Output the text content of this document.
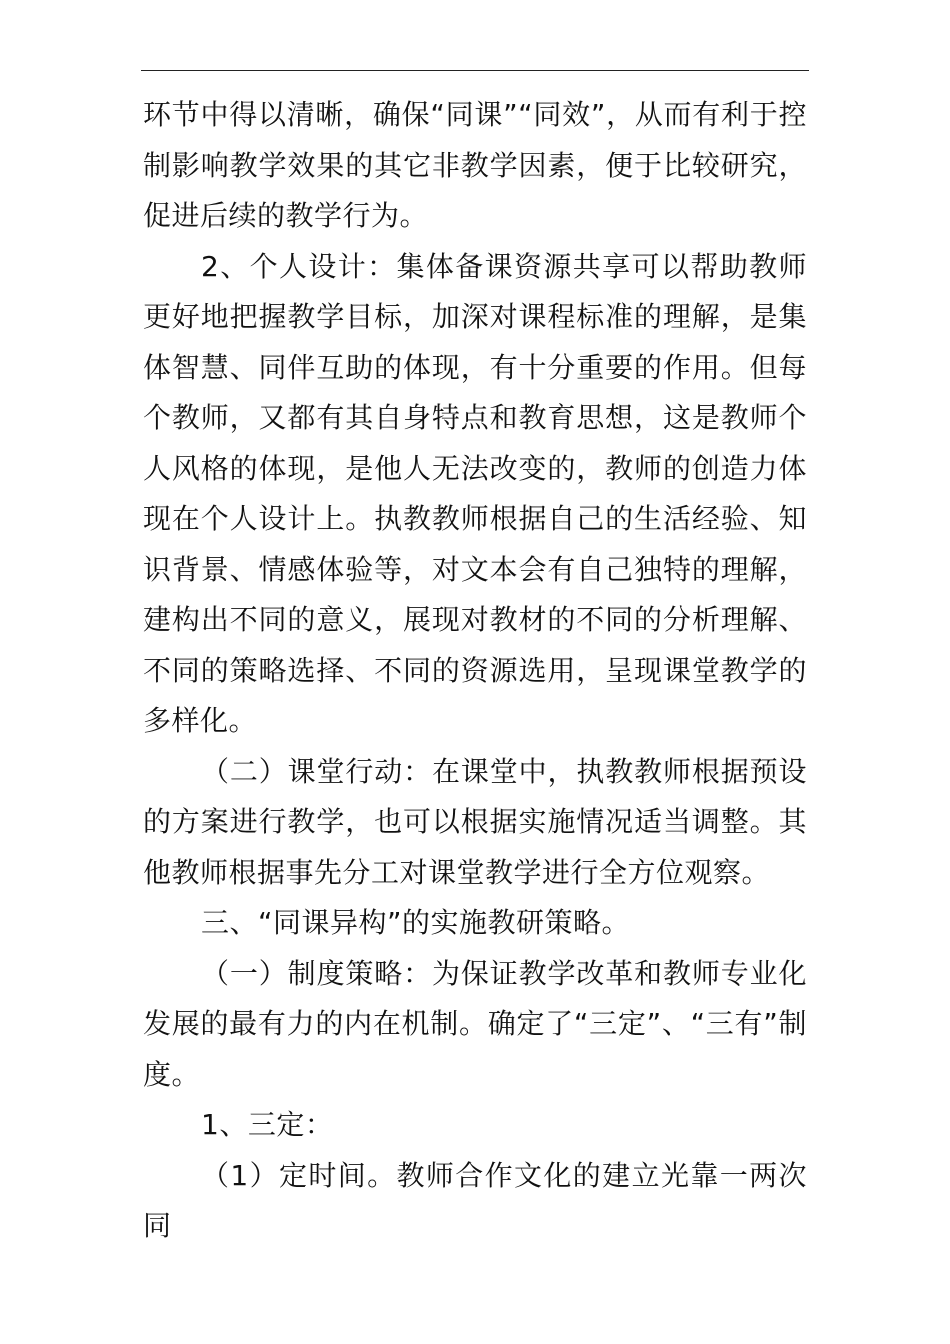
环节中得以清晰，确保“同课”“同效”，从而有利于控制影响教学效果的其它非教学因素，便于比较研究，促进后续的教学行为。

2、个人设计：集体备课资源共享可以帮助教师更好地把握教学目标，加深对课程标准的理解，是集体智慧、同伴互助的体现，有十分重要的作用。但每个教师，又都有其自身特点和教育思想，这是教师个人风格的体现，是他人无法改变的，教师的创造力体现在个人设计上。执教教师根据自己的生活经验、知识背景、情感体验等，对文本会有自己独特的理解，建构出不同的意义，展现对教材的不同的分析理解、不同的策略选择、不同的资源选用，呈现课堂教学的多样化。

（二）课堂行动：在课堂中，执教教师根据预设的方案进行教学，也可以根据实施情况适当调整。其他教师根据事先分工对课堂教学进行全方位观察。

三、“同课异构”的实施教研策略。

（一）制度策略：为保证教学改革和教师专业化发展的最有力的内在机制。确定了“三定”、“三有”制度。

1、三定：

（1）定时间。教师合作文化的建立光靠一两次同
